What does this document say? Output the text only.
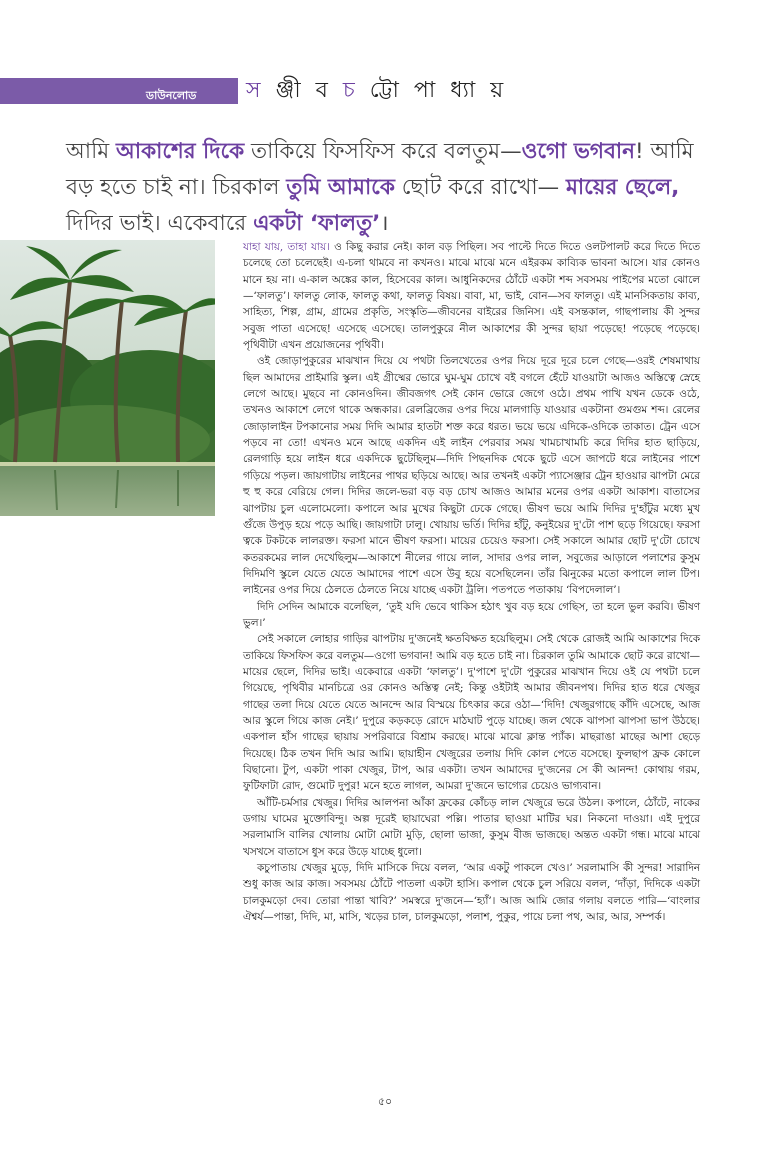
ডাউনলোড	স ঞ্জী ব চ ট্টো পা ধ্যা য়
আমি আকাশের দিকে তাকিয়ে ফিসফিস করে বলতুম—ওগো ভগবান! আমি বড় হতে চাই না। চিরকাল তুমি আমাকে ছোট করে রাখো— মায়ের ছেলে, দিদির ভাই। একেবারে একটা ‘ফালতু’।

যাহা যায়, তাহা যায়। ও কিছু করার নেই। কাল বড় পিছিল। সব পাল্টে দিতে দিতে ওলটপালট করে দিতে দিতে চলেছে তো চলেছেই। এ-চলা থামবে না কখনও। মাঝে মাঝে মনে এইরকম কাব্যিক ভাবনা আসে। যার কোনও মানে হয় না। এ-কাল অঙ্কের কাল, হিসেবের কাল। আধুনিকদের ঠোঁটে একটা শব্দ সবসময় পাইপের মতো ঝোলে—‘ফালতু’। ফালতু লোক, ফালতু কথা, ফালতু বিষয়। বাবা, মা, ভাই, বোন—সব ফালতু। এই মানসিকতায় কাব্য, সাহিত্য, শিল্প, গ্রাম, গ্রামের প্রকৃতি, সংস্কৃতি—জীবনের বাইরের জিনিস। এই বসন্তকাল, গাছপালায় কী সুন্দর সবুজ পাতা এসেছে! এসেছে এসেছে। তালপুকুরে নীল আকাশের কী সুন্দর ছায়া পড়েছে! পড়েছে পড়েছে। পৃথিবীটা এখন প্রয়োজনের পৃথিবী।

ওই জোড়াপুকুরের মাঝখান দিয়ে যে পথটা তিলখেতের ওপর দিয়ে দূরে দূরে চলে গেছে—ওরই শেষমাথায় ছিল আমাদের প্রাইমারি স্কুল। এই গ্রীষ্মের ভোরে ঘুম-ঘুম চোখে বই বগলে হেঁটে যাওয়াটা আজও অস্তিত্বে স্নেহে লেগে আছে। মুছবে না কোনওদিন। জীবজগৎ সেই কোন ভোরে জেগে ওঠে। প্রথম পাখি যখন ডেকে ওঠে, তখনও আকাশে লেগে থাকে অন্ধকার। রেলব্রিজের ওপর দিয়ে মালগাড়ি যাওয়ার একটানা গুমগুম শব্দ। রেলের জোড়ালাইন টপকানোর সময় দিদি আমার হাতটা শক্ত করে ধরত। ভয়ে ভয়ে এদিকে-ওদিকে তাকাত। ট্রেন এসে পড়বে না তো! এখনও মনে আছে একদিন এই লাইন পেরবার সময় খামচাখামচি করে দিদির হাত ছাড়িয়ে, রেলগাড়ি হয়ে লাইন ধরে একদিকে ছুটেছিলুম—দিদি পিছনদিক থেকে ছুটে এসে জাপটে ধরে লাইনের পাশে গড়িয়ে পড়ল। জায়গাটায় লাইনের পাথর ছড়িয়ে আছে। আর তখনই একটা প্যাসেঞ্জার ট্রেন হাওয়ার ঝাপটা মেরে হু হু করে বেরিয়ে গেল। দিদির জলে-ভরা বড় বড় চোখ আজও আমার মনের ওপর একটা আকাশ। বাতাসের ঝাপটায় চুল এলোমেলো। কপালে আর মুখের কিছুটা ঢেকে গেছে। ভীষণ ভয়ে আমি দিদির দু'হাঁটুর মধ্যে মুখ গুঁজে উপুড় হয়ে পড়ে আছি। জায়গাটা ঢালু। খোয়ায় ভর্তি। দিদির হাঁটু, কনুইয়ের দু'টো পাশ ছড়ে গিয়েছে। ফরসা ত্বকে টকটকে লালরক্ত। ফরসা মানে ভীষণ ফরসা। মায়ের চেয়েও ফরসা। সেই সকালে আমার ছোট দু'টো চোখে কতরকমের লাল দেখেছিলুম—আকাশে নীলের গায়ে লাল, সাদার ওপর লাল, সবুজের আড়ালে পলাশের কুসুম দিদিমণি স্কুলে যেতে যেতে আমাদের পাশে এসে উবু হয়ে বসেছিলেন। তাঁর ঝিনুকের মতো কপালে লাল টিপ। লাইনের ওপর দিয়ে ঠেলতে ঠেলতে নিয়ে যাচ্ছে একটা ট্রলি। পতপতে পতাকায় ‘বিপদেলাল’।

দিদি সেদিন আমাকে বলেছিল, ‘তুই যদি ভেবে থাকিস হঠাৎ খুব বড় হয়ে গেছিস, তা হলে ভুল করবি। ভীষণ ভুল।’

সেই সকালে লোহার গাড়ির ঝাপটায় দু'জনেই ক্ষতবিক্ষত হয়েছিলুম। সেই থেকে রোজই আমি আকাশের দিকে তাকিয়ে ফিসফিস করে বলতুম—ওগো ভগবান! আমি বড় হতে চাই না। চিরকাল তুমি আমাকে ছোট করে রাখো—মায়ের ছেলে, দিদির ভাই। একেবারে একটা ‘ফালতু’। দু'পাশে দু'টো পুকুরের মাঝখান দিয়ে ওই যে পথটা চলে গিয়েছে, পৃথিবীর মানচিত্রে ওর কোনও অস্তিত্ব নেই; কিন্তু ওইটাই আমার জীবনপথ। দিদির হাত ধরে খেজুর গাছের তলা দিয়ে যেতে যেতে আনন্দে আর বিস্ময়ে চিৎকার করে ওঠা—‘দিদি! খেজুরগাছে কাঁদি এসেছে, আজ আর স্কুলে গিয়ে কাজ নেই।’ দুপুরে কড়কড়ে রোদে মাঠঘাট পুড়ে যাচ্ছে। জল থেকে ঝাপসা ঝাপসা ভাপ উঠছে। একপাল হাঁস গাছের ছায়ায় সপরিবারে বিশ্রাম করছে। মাঝে মাঝে ক্লান্ত প্যাঁক। মাছরাঙা মাছের আশা ছেড়ে দিয়েছে। ঠিক তখন দিদি আর আমি। ছায়াহীন খেজুরের তলায় দিদি কোল পেতে বসেছে। ফুলছাপ ফ্রক কোলে বিছানো। টুপ, একটা পাকা খেজুর, টাপ, আর একটা। তখন আমাদের দু'জনের সে কী আনন্দ! কোথায় গরম, ফুটিফাটা রোদ, গুমোট দুপুর! মনে হতে লাগল, আমরা দু'জনে ভাগ্যের চেয়েও ভাগ্যবান।

আঁটি-চর্মসার খেজুর। দিদির আলপনা আঁকা ফ্রকের কোঁচড় লাল খেজুরে ভরে উঠল। কপালে, ঠোঁটে, নাকের ডগায় ঘামের মুক্তোবিন্দু। অল্প দূরেই ছায়াঘেরা পল্লি। পাতার ছাওয়া মাটির ঘর। নিকনো দাওয়া। এই দুপুরে সরলামাসি বালির খোলায় মোটা মোটা মুড়ি, ছোলা ভাজা, কুসুম বীজ ভাজছে। অন্তত একটা গন্ধ। মাঝে মাঝে খসখসে বাতাসে ধুস করে উড়ে যাচ্ছে ধুলো।

কচুপাতায় খেজুর মুড়ে, দিদি মাসিকে দিয়ে বলল, ‘আর একটু পাকলে খেও।’ সরলামাসি কী সুন্দর! সারাদিন শুধু কাজ আর কাজ। সবসময় ঠোঁটে পাতলা একটা হাসি। কপাল থেকে চুল সরিয়ে বলল, ‘দাঁড়া, দিদিকে একটা চালকুমড়ো দেব। তোরা পান্তা খাবি?’ সমস্বরে দু'জনে—‘হ্যাঁ’। আজ আমি জোর গলায় বলতে পারি—‘বাংলার ঐশ্বর্য—পান্তা, দিদি, মা, মাসি, খড়ের চাল, চালকুমড়ো, পলাশ, পুকুর, পায়ে চলা পথ, আর, আর, সম্পর্ক।

৫০
